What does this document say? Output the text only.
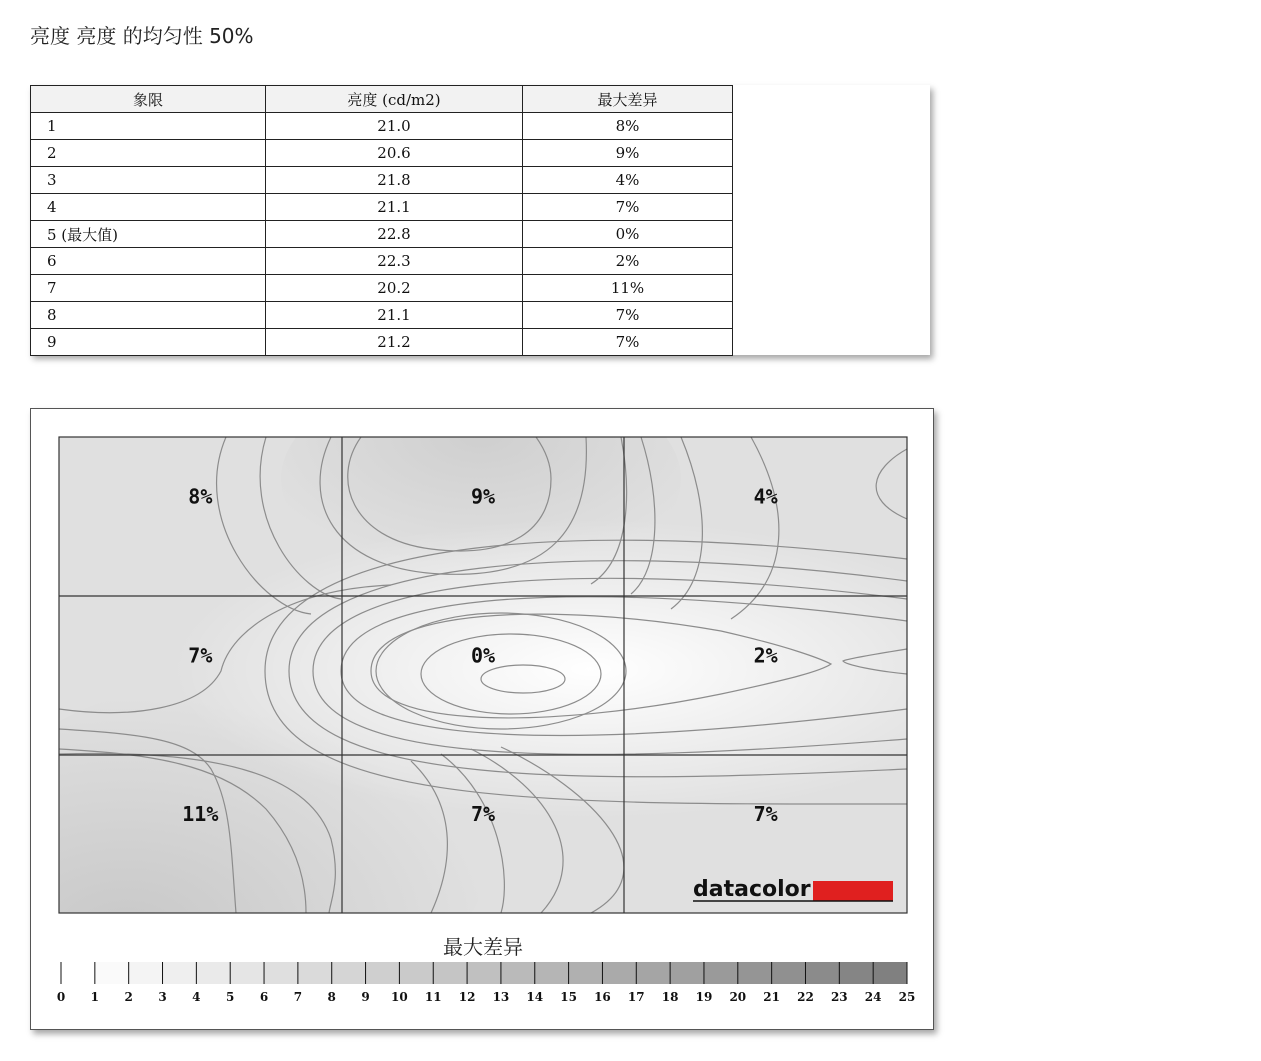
亮度 亮度 的均匀性 50%
象限	亮度 (cd/m2)	最大差异
1	21.0	8%
2	20.6	9%
3	21.8	4%
4	21.1	7%
5 (最大值)	22.8	0%
6	22.3	2%
7	20.2	11%
8	21.1	7%
9	21.2	7%
8%	9%	4%
7%	0%	2%
11%	7%	7%
datacolor
最大差异
0 1 2 3 4 5 6 7 8 9 10 11 12 13 14 15 16 17 18 19 20 21 22 23 24 25
